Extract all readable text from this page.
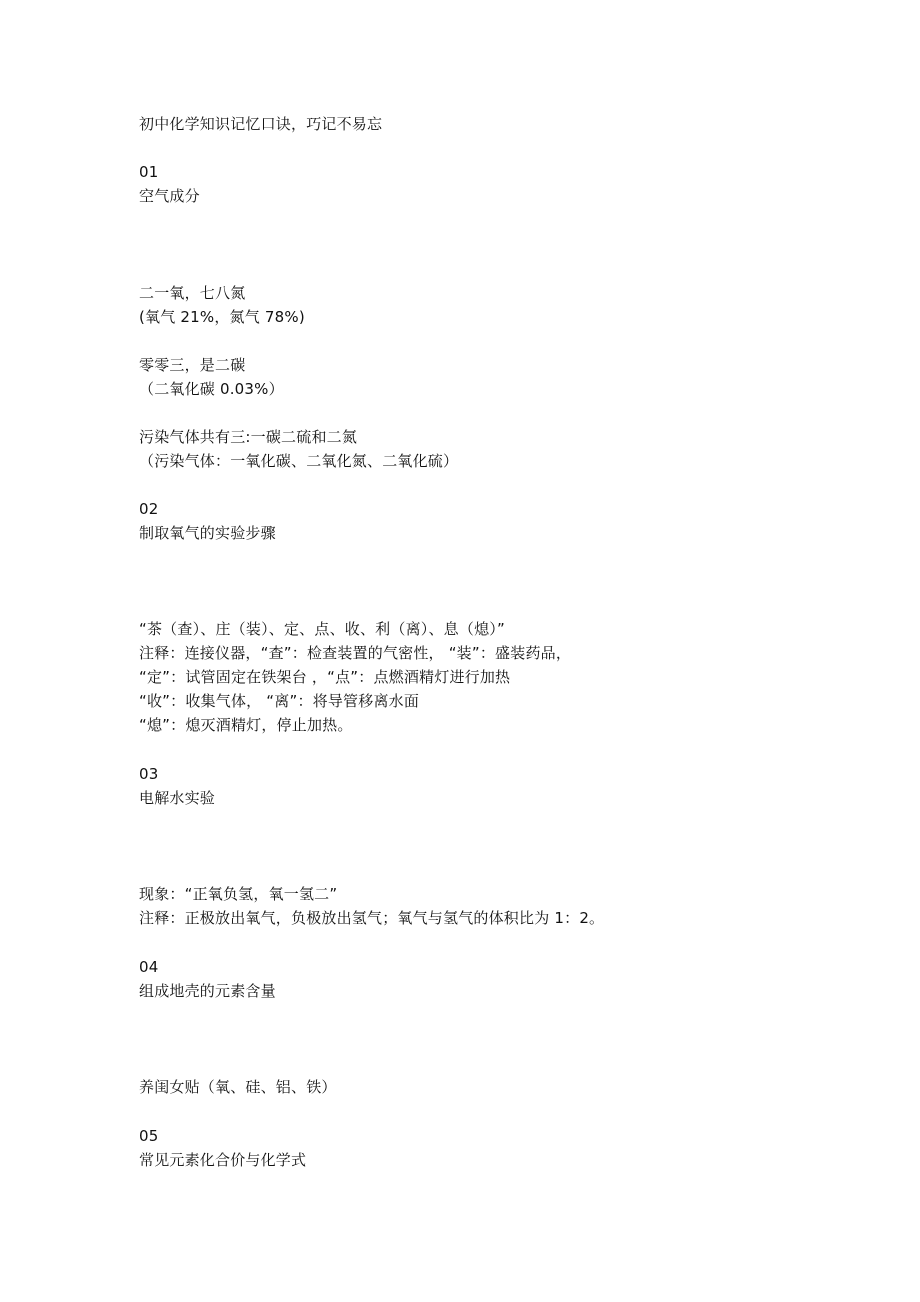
初中化学知识记忆口诀，巧记不易忘
01
空气成分
二一氧，七八氮
(氧气 21%，氮气 78%)
零零三，是二碳
（二氧化碳 0.03%）
污染气体共有三:一碳二硫和二氮
（污染气体：一氧化碳、二氧化氮、二氧化硫）
02
制取氧气的实验步骤
“茶（查）、庄（装）、定、点、收、利（离）、息（熄）”
注释：连接仪器，“查”：检查装置的气密性， “装”：盛装药品，
“定”：试管固定在铁架台 ，“点”：点燃酒精灯进行加热
“收”：收集气体， “离”：将导管移离水面
“熄”：熄灭酒精灯，停止加热。
03
电解水实验
现象：“正氧负氢，氧一氢二”
注释：正极放出氧气，负极放出氢气；氧气与氢气的体积比为 1：2。
04
组成地壳的元素含量
养闺女贴（氧、硅、铝、铁）
05
常见元素化合价与化学式
